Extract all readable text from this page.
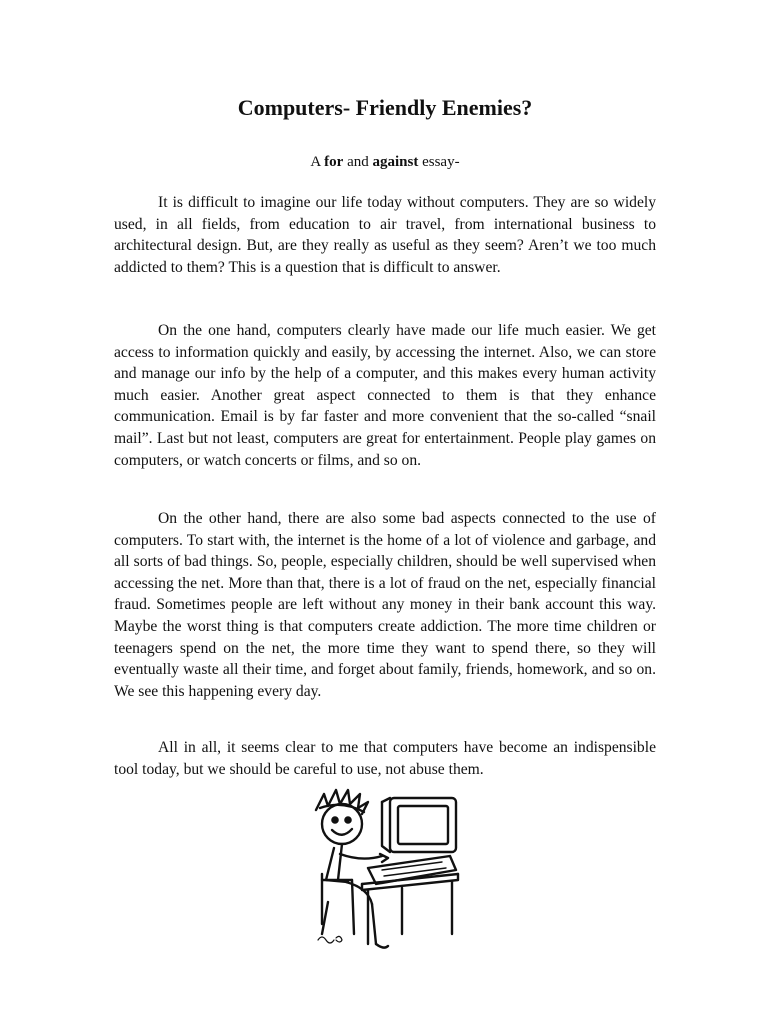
Computers- Friendly Enemies?

A for and against essay-

It is difficult to imagine our life today without computers. They are so widely used, in all fields, from education to air travel, from international business to architectural design. But, are they really as useful as they seem? Aren’t we too much addicted to them? This is a question that is difficult to answer.

On the one hand, computers clearly have made our life much easier. We get access to information quickly and easily, by accessing the internet. Also, we can store and manage our info by the help of a computer, and this makes every human activity much easier. Another great aspect connected to them is that they enhance communication. Email is by far faster and more convenient that the so-called “snail mail”. Last but not least, computers are great for entertainment. People play games on computers, or watch concerts or films, and so on.

On the other hand, there are also some bad aspects connected to the use of computers. To start with, the internet is the home of a lot of violence and garbage, and all sorts of bad things. So, people, especially children, should be well supervised when accessing the net. More than that, there is a lot of fraud on the net, especially financial fraud. Sometimes people are left without any money in their bank account this way. Maybe the worst thing is that computers create addiction. The more time children or teenagers spend on the net, the more time they want to spend there, so they will eventually waste all their time, and forget about family, friends, homework, and so on. We see this happening every day.

All in all, it seems clear to me that computers have become an indispensible tool today, but we should be careful to use, not abuse them.
